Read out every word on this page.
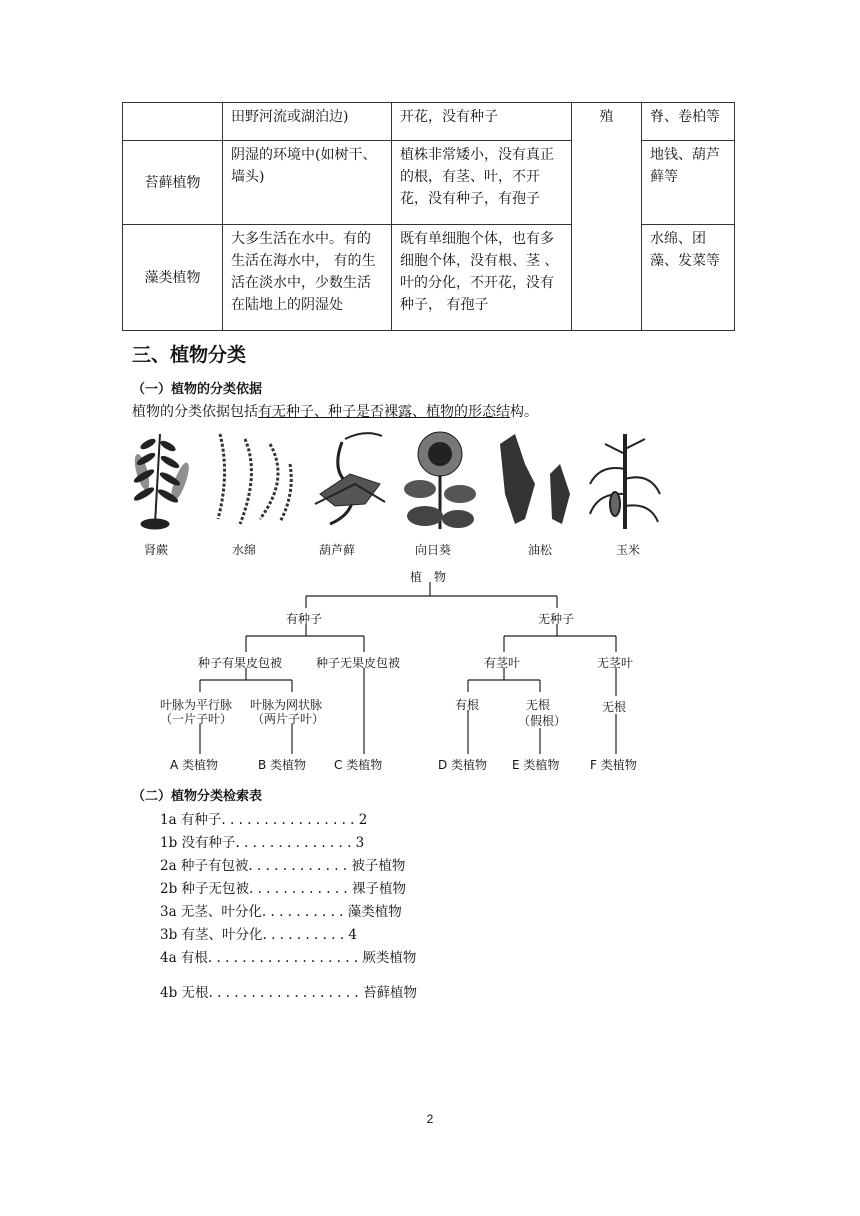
	田野河流或湖泊边)	开花，没有种子	殖	脊、卷柏等
苔藓植物	阴湿的环境中(如树干、墙头)	植株非常矮小，没有真正的根，有茎、叶，不开花，没有种子，有孢子		地钱、葫芦藓等
藻类植物	大多生活在水中。有的生活在海水中， 有的生活在淡水中，少数生活在陆地上的阴湿处	既有单细胞个体，也有多细胞个体，没有根、茎 、叶的分化，不开花，没有种子， 有孢子		水绵、团藻、发菜等
三、植物分类
（一）植物的分类依据
植物的分类依据包括有无种子、种子是否裸露、植物的形态结构。
肾蕨	水绵	葫芦藓	向日葵	油松	玉米
植　物
有种子	无种子
种子有果皮包被	种子无果皮包被	有茎叶	无茎叶
叶脉为平行脉
（一片子叶）
叶脉为网状脉
（两片子叶）
有根	无根
（假根）
无根
A 类植物	B 类植物 C 类植物	D 类植物 E 类植物	F 类植物
（二）植物分类检索表
1a 有种子. . . . . . . . . . . . . . . . 2
1b 没有种子. . . . . . . . . . . . . . 3
2a 种子有包被. . . . . . . . . . . . 被子植物
2b 种子无包被. . . . . . . . . . . . 裸子植物
3a 无茎、叶分化. . . . . . . . . . 藻类植物
3b 有茎、叶分化. . . . . . . . . . 4
4a 有根. . . . . . . . . . . . . . . . . . 厥类植物
4b 无根. . . . . . . . . . . . . . . . . . 苔藓植物
2
